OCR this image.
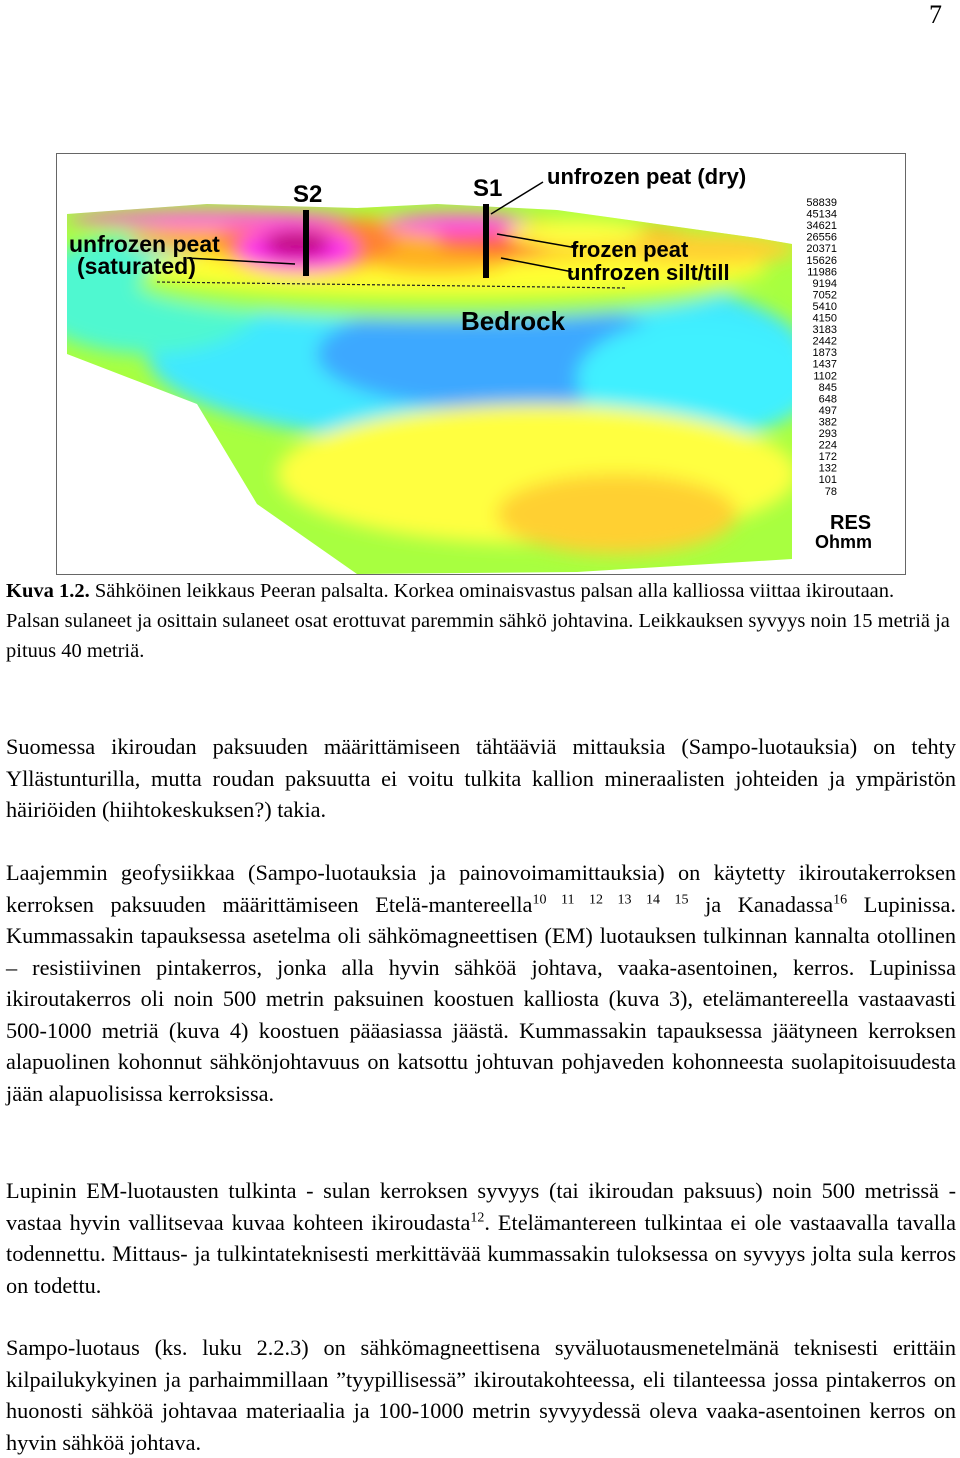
7
S2	S1 unfrozen peat (dry)
unfrozen peat
(saturated)
frozen peat
unfrozen silt/till
Bedrock
58839
45134
34621
26556
20371
15626
11986
9194
7052
5410
4150
3183
2442
1873
1437
1102
845
648
497
382
293
224
172
132
101
78
RES
Ohmm
Kuva 1.2. Sähköinen leikkaus Peeran palsalta. Korkea ominaisvastus palsan alla kalliossa viittaa ikiroutaan. Palsan sulaneet ja osittain sulaneet osat erottuvat paremmin sähkö johtavina. Leikkauksen syvyys noin 15 metriä ja pituus 40 metriä.
Suomessa ikiroudan paksuuden määrittämiseen tähtääviä mittauksia (Sampo-luotauksia) on tehty Yllästunturilla, mutta roudan paksuutta ei voitu tulkita kallion mineraalisten johteiden ja ympäristön häiriöiden (hiihtokeskuksen?) takia.
Laajemmin geofysiikkaa (Sampo-luotauksia ja painovoimamittauksia) on käytetty ikiroutakerroksen kerroksen paksuuden määrittämiseen Etelä-mantereella$^{10 11 12 13 14 15}$ ja Kanadassa$^{16}$ Lupinissa. Kummassakin tapauksessa asetelma oli sähkömagneettisen (EM) luotauksen tulkinnan kannalta otollinen – resistiivinen pintakerros, jonka alla hyvin sähköä johtava, vaaka-asentoinen, kerros. Lupinissa ikiroutakerros oli noin 500 metrin paksuinen koostuen kalliosta (kuva 3), etelämantereella vastaavasti 500-1000 metriä (kuva 4) koostuen pääasiassa jäästä. Kummassakin tapauksessa jäätyneen kerroksen alapuolinen kohonnut sähkönjohtavuus on katsottu johtuvan pohjaveden kohonneesta suolapitoisuudesta jään alapuolisissa kerroksissa.
Lupinin EM-luotausten tulkinta - sulan kerroksen syvyys (tai ikiroudan paksuus) noin 500 metrissä - vastaa hyvin vallitsevaa kuvaa kohteen ikiroudasta$^{12}$. Etelämantereen tulkintaa ei ole vastaavalla tavalla todennettu. Mittaus- ja tulkintateknisesti merkittävää kummassakin tuloksessa on syvyys jolta sula kerros on todettu.
Sampo-luotaus (ks. luku 2.2.3) on sähkömagneettisena syväluotausmenetelmänä teknisesti erittäin kilpailukykyinen ja parhaimmillaan ”tyypillisessä” ikiroutakohteessa, eli tilanteessa jossa pintakerros on huonosti sähköä johtavaa materiaalia ja 100-1000 metrin syvyydessä oleva vaaka-asentoinen kerros on hyvin sähköä johtava.
